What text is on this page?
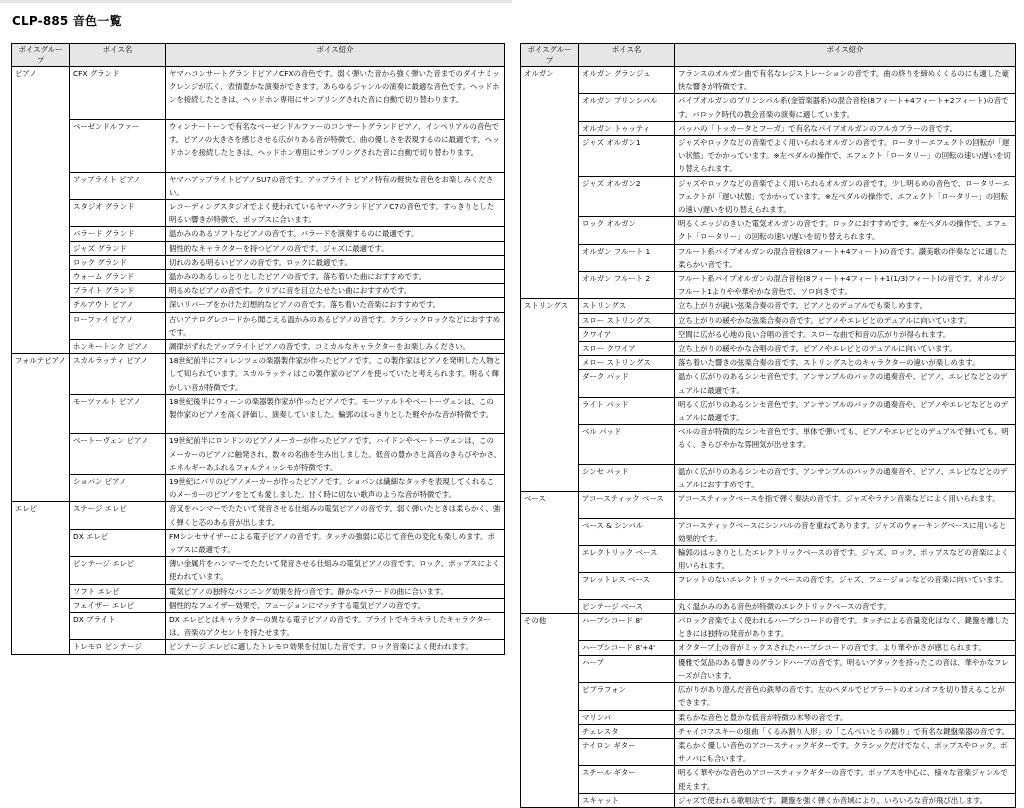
CLP-885 音色一覧
ボイスグループ	ボイス名	ボイス紹介
ピアノ	CFX グランド	ヤマハコンサートグランドピアノCFXの音色です。弱く弾いた音から強く弾いた音までのダイナミックレンジが広く、表情豊かな演奏ができます。あらゆるジャンルの演奏に最適な音色です。ヘッドホンを接続したときは、ヘッドホン専用にサンプリングされた音に自動で切り替わります。
	ベーゼンドルファー	ウィンナートーンで有名なベーゼンドルファーのコンサートグランドピアノ、インペリアルの音色です。ピアノの大きさを感じさせる広がりある音が特徴で、曲の優しさを表現するのに最適です。ヘッドホンを接続したときは、ヘッドホン専用にサンプリングされた音に自動で切り替わります。
	アップライト ピアノ	ヤマハアップライトピアノSU7の音です。アップライト ピアノ特有の軽快な音色をお楽しみください。
	スタジオ グランド	レコーディングスタジオでよく使われているヤマハグランドピアノC7の音色です。すっきりとした明るい響きが特徴で、ポップスに合います。
	バラード グランド	温かみのあるソフトなピアノの音です。バラードを演奏するのに最適です。
	ジャズ グランド	個性的なキャラクターを持つピアノの音です。ジャズに最適です。
	ロック グランド	切れのある明るいピアノの音です。ロックに最適です。
	ウォーム グランド	温かみのあるしっとりとしたピアノの音です。落ち着いた曲におすすめです。
	ブライト グランド	明るめなピアノの音です。クリアに音を目立たせたい曲におすすめです。
	チルアウト ピアノ	深いリバーブをかけた幻想的なピアノの音です。落ち着いた音楽におすすめです。
	ローファイ ピアノ	古いアナログレコードから聞こえる温かみのあるピアノの音です。クラシックロックなどにおすすめです。
	ホンキートンク ピアノ	調律がずれたアップライトピアノの音です。コミカルなキャラクターをお楽しみください。
フォルテピアノ	スカルラッティ ピアノ	18世紀前半にフィレンツェの楽器製作家が作ったピアノです。この製作家はピアノを発明した人物として知られています。スカルラッティはこの製作家のピアノを使っていたと考えられます。明るく輝かしい音が特徴です。
	モーツァルト ピアノ	18世紀後半にウィーンの楽器製作家が作ったピアノです。モーツァルトやベートーヴェンは、この製作家のピアノを高く評価し、演奏していました。輪郭のはっきりとした軽やかな音が特徴です。
	ベートーヴェン ピアノ	19世紀前半にロンドンのピアノメーカーが作ったピアノです。ハイドンやベートーヴェンは、このメーカーのピアノに触発され、数々の名曲を生み出しました。低音の豊かさと高音のきらびやかさ、エネルギーあふれるフォルティッシモが特徴です。
	ショパン ピアノ	19世紀にパリのピアノメーカーが作ったピアノです。ショパンは繊細なタッチを表現してくれるこのメーカーのピアノをとても愛しました。甘く時に切ない歌声のような音が特徴です。
エレピ	ステージ エレピ	音叉をハンマーでたたいて発音させる仕組みの電気ピアノの音です。弱く弾いたときは柔らかく、強く弾くと芯のある音が出します。
	DX エレピ	FMシンセサイザーによる電子ピアノの音です。タッチの強弱に応じて音色の変化も楽しめます。ポップスに最適です。
	ビンテージ エレピ	薄い金属片をハンマーでたたいて発音させる仕組みの電気ピアノの音です。ロック、ポップスによく使われています。
	ソフト エレピ	電気ピアノの独特なパンニング効果を持つ音です。静かなバラードの曲に合います。
	フェイザー エレピ	個性的なフェイザー効果で、フュージョンにマッチする電気ピアノの音です。
	DX ブライト	DX エレピとはキャラクターの異なる電子ピアノの音です。ブライトでキラキラしたキャラクターは、音楽のアクセントを持たせます。
	トレモロ ビンテージ	ビンテージ エレピに適したトレモロ効果を付加した音です。ロック音楽によく使われます。
ボイスグループ	ボイス名	ボイス紹介
オルガン	オルガン グランジュ	フランスのオルガン曲で有名なレジストレーションの音です。曲の終りを締めくくるのにも適した豪快な響きが特徴です。
	オルガン プリンシパル	パイプオルガンのプリンシパル系(金管楽器系)の混合音栓(8フィート+4フィート+2フィート)の音です。バロック時代の教会音楽の演奏に適しています。
	オルガン トゥッティ	バッハの「トッカータとフーガ」で有名なパイプオルガンのフルカプラーの音です。
	ジャズ オルガン1	ジャズやロックなどの音楽でよく用いられるオルガンの音です。ロータリーエフェクトの回転が「遅い状態」でかかっています。※左ペダルの操作で、エフェクト「ロータリー」の回転の速い/遅いを切り替えられます。
	ジャズ オルガン2	ジャズやロックなどの音楽でよく用いられるオルガンの音です。少し明るめの音色で、ロータリーエフェクトが「遅い状態」でかかっています。※左ペダルの操作で、エフェクト「ロータリー」の回転の速い/遅いを切り替えられます。
	ロック オルガン	明るくエッジのきいた電気オルガンの音です。ロックにおすすめです。※左ペダルの操作で、エフェクト「ロータリー」の回転の速い/遅いを切り替えられます。
	オルガン フルート 1	フルート系パイプオルガンの混合音栓(8フィート+4フィート)の音です。讃美歌の伴奏などに適した柔らかい音です。
	オルガン フルート 2	フルート系パイプオルガンの混合音栓(8フィート+4フィート+1(1/3)フィート)の音です。オルガン フルート1よりやや華やかな音色で、ソロ向きです。
ストリングス	ストリングス	立ち上がりが鋭い弦楽合奏の音です。ピアノとのデュアルでも楽しめます。
	スロー ストリングス	立ち上がりの緩やかな弦楽合奏の音です。ピアノやエレピとのデュアルに向いています。
	クワイア	空間に広がる心地の良い合唱の音です。スローな曲で和音の広がりが得られます。
	スロー クワイア	立ち上がりの緩やかな合唱の音です。ピアノやエレピとのデュアルに向いています。
	メロー ストリングス	落ち着いた響きの弦楽合奏の音です。ストリングスとのキャラクターの違いが楽しめます。
	ダーク パッド	温かく広がりのあるシンセ音色です。アンサンブルのバックの通奏音や、ピアノ、エレピなどとのデュアルに最適です。
	ライト パッド	明るく広がりのあるシンセ音色です。アンサンブルのバックの通奏音や、ピアノやエレピなどとのデュアルに最適です。
	ベル パッド	ベルの音が特徴的なシンセ音色です。単体で弾いても、ピアノやエレピとのデュアルで弾いても、明るく、きらびやかな雰囲気が出せます。
	シンセ パッド	温かく広がりのあるシンセの音です。アンサンブルのバックの通奏音や、ピアノ、エレピなどとのデュアルにおすすめです。
ベース	アコースティック ベース	アコースティックベースを指で弾く奏法の音です。ジャズやラテン音楽などによく用いられます。
	ベース & シンバル	アコースティックベースにシンバルの音を重ねてあります。ジャズのウォーキングベースに用いると効果的です。
	エレクトリック ベース	輪郭のはっきりとしたエレクトリックベースの音です。ジャズ、ロック、ポップスなどの音楽によく用いられます。
	フレットレス ベース	フレットのないエレクトリックベースの音です。ジャズ、フュージョンなどの音楽に向いています。
	ビンテージ ベース	丸く温かみのある音色が特徴のエレクトリックベースの音です。
その他	ハープシコード 8'	バロック音楽でよく使われるハープシコードの音です。タッチによる音量変化はなく、鍵盤を離したときには独特の発音があります。
	ハープシコード 8'+4'	オクターブ上の音がミックスされたハープシコードの音です。より華やかさが感じられます。
	ハープ	優雅で気品のある響きのグランドハープの音です。明るいアタックを持ったこの音は、華やかなフレーズが合います。
	ビブラフォン	広がりがあり澄んだ音色の鉄琴の音です。左のペダルでビブラートのオン/オフを切り替えることができます。
	マリンバ	柔らかな音色と豊かな低音が特徴の木琴の音です。
	チェレスタ	チャイコフスキーの組曲「くるみ割り人形」の「こんぺいとうの踊り」で有名な鍵盤楽器の音です。
	ナイロン ギター	柔らかく優しい音色のアコースティックギターです。クラシックだけでなく、ポップスやロック、ボサノバにも合います。
	スチール ギター	明るく華やかな音色のアコースティックギターの音です。ポップスを中心に、様々な音楽ジャンルで使えます。
	スキャット	ジャズで使われる歌唱法です。鍵盤を強く弾くか音域により、いろいろな音が飛び出します。
